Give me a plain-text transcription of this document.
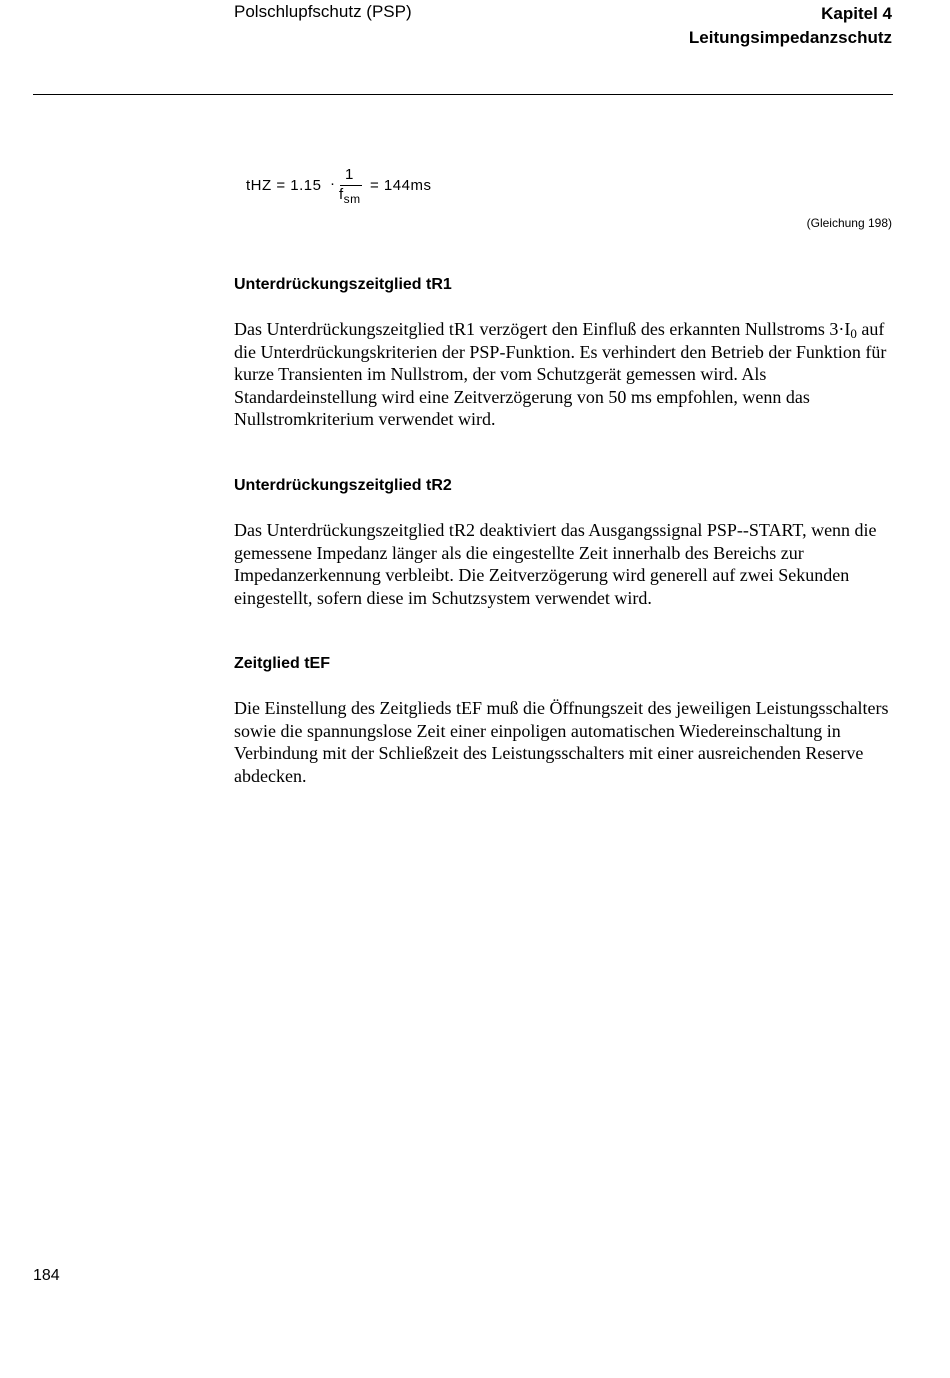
Polschlupfschutz (PSP)	Kapitel 4
Leitungsimpedanzschutz
tHZ = 1.15 ·
1
$f_{sm}$
= 144ms
(Gleichung 198)
Unterdrückungszeitglied tR1

Das Unterdrückungszeitglied tR1 verzögert den Einfluß des erkannten Nullstroms $3\cdot I_0$ auf die Unterdrückungskriterien der PSP-Funktion. Es verhindert den Betrieb der Funktion für kurze Transienten im Nullstrom, der vom Schutzgerät gemessen wird. Als Standardeinstellung wird eine Zeitverzögerung von 50 ms empfohlen, wenn das Nullstromkriterium verwendet wird.

Unterdrückungszeitglied tR2

Das Unterdrückungszeitglied tR2 deaktiviert das Ausgangssignal PSP--START, wenn die gemessene Impedanz länger als die eingestellte Zeit innerhalb des Bereichs zur Impedanzerkennung verbleibt. Die Zeitverzögerung wird generell auf zwei Sekunden eingestellt, sofern diese im Schutzsystem verwendet wird.

Zeitglied tEF

Die Einstellung des Zeitglieds tEF muß die Öffnungszeit des jeweiligen Leistungsschalters sowie die spannungslose Zeit einer einpoligen automatischen Wiedereinschaltung in Verbindung mit der Schließzeit des Leistungsschalters mit einer ausreichenden Reserve abdecken.

184
